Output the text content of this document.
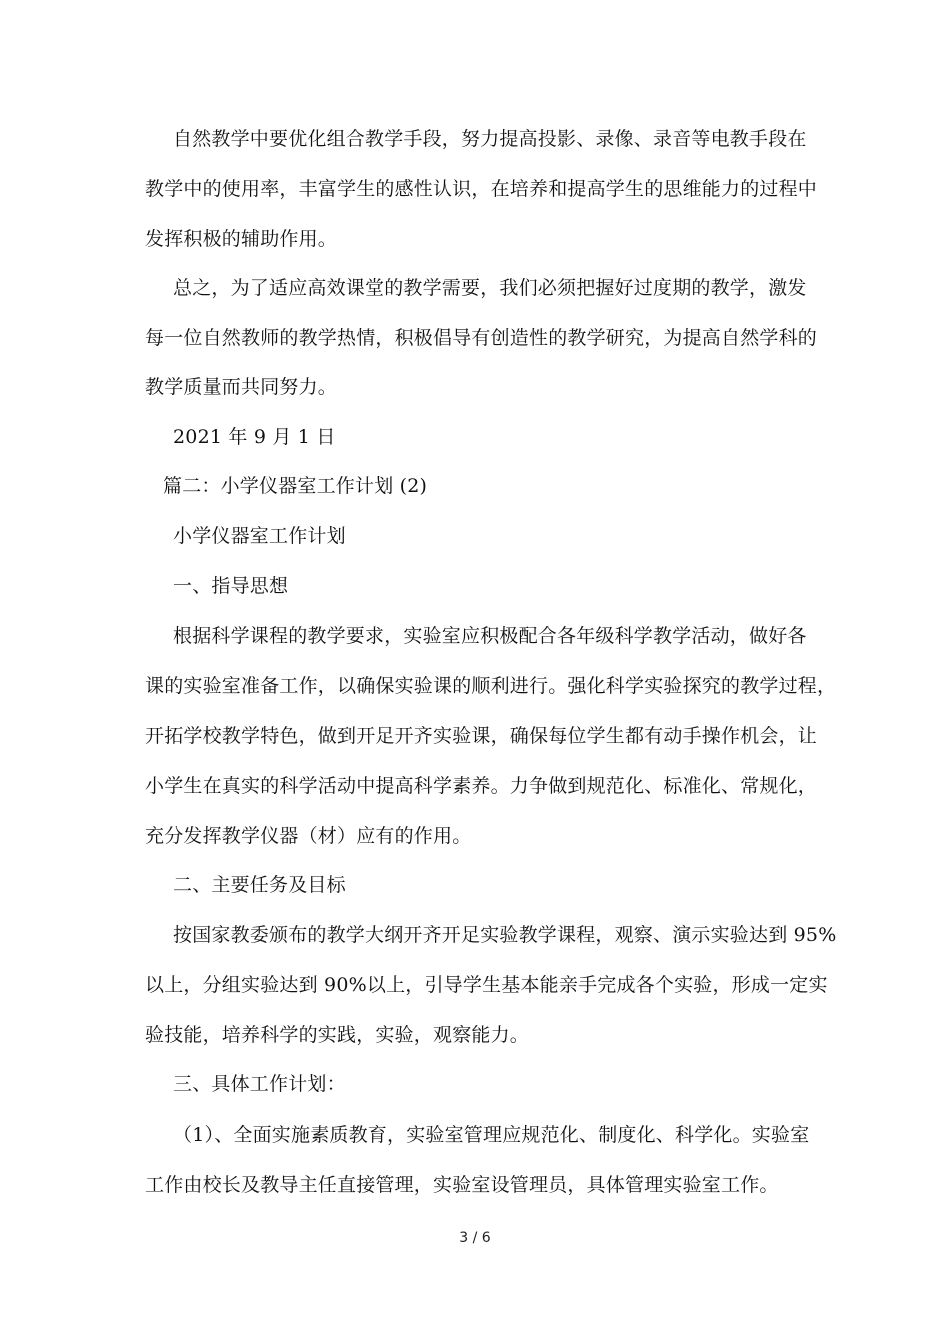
自然教学中要优化组合教学手段，努力提高投影、录像、录音等电教手段在
教学中的使用率，丰富学生的感性认识，在培养和提高学生的思维能力的过程中
发挥积极的辅助作用。
总之，为了适应高效课堂的教学需要，我们必须把握好过度期的教学，激发
每一位自然教师的教学热情，积极倡导有创造性的教学研究，为提高自然学科的
教学质量而共同努力。
2021 年 9 月 1 日
篇二：小学仪器室工作计划 (2)
小学仪器室工作计划
一、指导思想
根据科学课程的教学要求，实验室应积极配合各年级科学教学活动，做好各
课的实验室准备工作，以确保实验课的顺利进行。强化科学实验探究的教学过程，
开拓学校教学特色，做到开足开齐实验课，确保每位学生都有动手操作机会，让
小学生在真实的科学活动中提高科学素养。力争做到规范化、标准化、常规化，
充分发挥教学仪器（材）应有的作用。
二、主要任务及目标
按国家教委颁布的教学大纲开齐开足实验教学课程，观察、演示实验达到 95%
以上，分组实验达到 90%以上，引导学生基本能亲手完成各个实验，形成一定实
验技能，培养科学的实践，实验，观察能力。
三、具体工作计划：
（1）、全面实施素质教育，实验室管理应规范化、制度化、科学化。实验室
工作由校长及教导主任直接管理，实验室设管理员，具体管理实验室工作。
3 / 6
